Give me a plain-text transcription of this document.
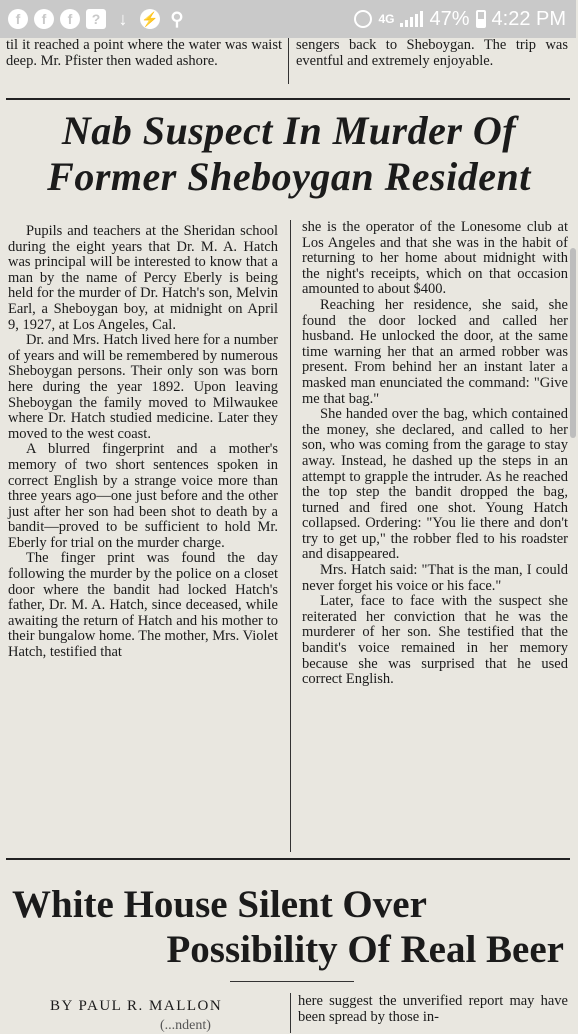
f	f	f	?	↓ ⚡ ⚲	4G 47% 4:22 PM

til it reached a point where the water was waist deep. Mr. Pfister then waded ashore.

sengers back to Sheboygan. The trip was eventful and extremely enjoyable.

Nab Suspect In Murder Of
Former Sheboygan Resident

Pupils and teachers at the Sheridan school during the eight years that Dr. M. A. Hatch was principal will be interested to know that a man by the name of Percy Eberly is being held for the murder of Dr. Hatch's son, Melvin Earl, a Sheboygan boy, at midnight on April 9, 1927, at Los Angeles, Cal.

Dr. and Mrs. Hatch lived here for a number of years and will be remembered by numerous Sheboygan persons. Their only son was born here during the year 1892. Upon leaving Sheboygan the family moved to Milwaukee where Dr. Hatch studied medicine. Later they moved to the west coast.

A blurred fingerprint and a mother's memory of two short sentences spoken in correct English by a strange voice more than three years ago—one just before and the other just after her son had been shot to death by a bandit—proved to be sufficient to hold Mr. Eberly for trial on the murder charge.

The finger print was found the day following the murder by the police on a closet door where the bandit had locked Hatch's father, Dr. M. A. Hatch, since deceased, while awaiting the return of Hatch and his mother to their bungalow home. The mother, Mrs. Violet Hatch, testified that

she is the operator of the Lonesome club at Los Angeles and that she was in the habit of returning to her home about midnight with the night's receipts, which on that occasion amounted to about $400.

Reaching her residence, she said, she found the door locked and called her husband. He unlocked the door, at the same time warning her that an armed robber was present. From behind her an instant later a masked man enunciated the command: "Give me that bag."

She handed over the bag, which contained the money, she declared, and called to her son, who was coming from the garage to stay away. Instead, he dashed up the steps in an attempt to grapple the intruder. As he reached the top step the bandit dropped the bag, turned and fired one shot. Young Hatch collapsed. Ordering: "You lie there and don't try to get up," the robber fled to his roadster and disappeared.

Mrs. Hatch said: "That is the man, I could never forget his voice or his face."

Later, face to face with the suspect she reiterated her conviction that he was the murderer of her son. She testified that the bandit's voice remained in her memory because she was surprised that he used correct English.

White House Silent Over
Possibility Of Real Beer
BY PAUL R. MALLON
(...ndent)

here suggest the unverified report may have been spread by those in-
